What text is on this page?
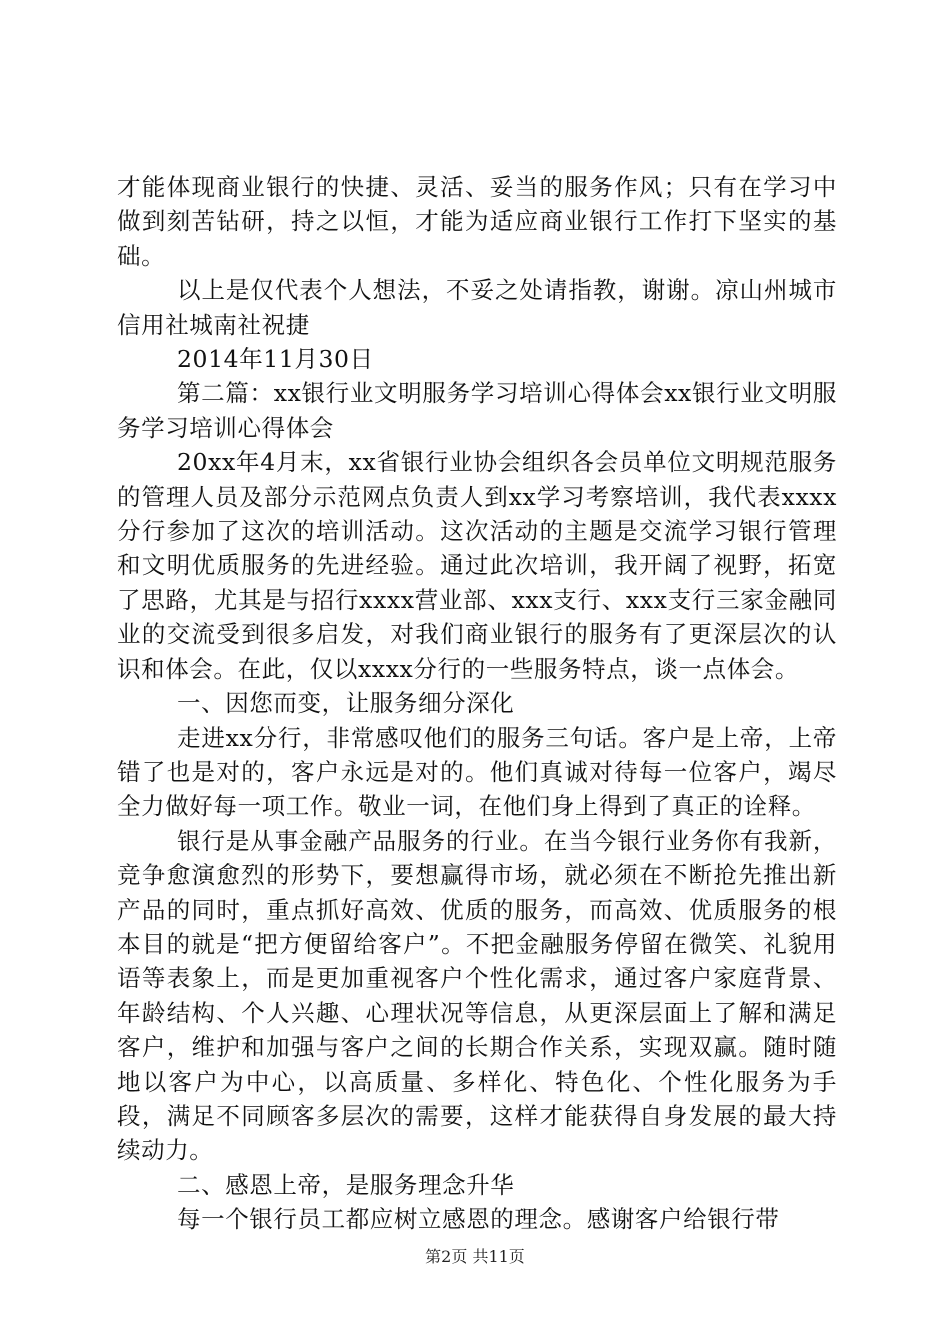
才能体现商业银行的快捷、灵活、妥当的服务作风；只有在学习中做到刻苦钻研，持之以恒，才能为适应商业银行工作打下坚实的基础。

以上是仅代表个人想法，不妥之处请指教，谢谢。凉山州城市信用社城南社祝捷

2014年11月30日

第二篇：xx银行业文明服务学习培训心得体会xx银行业文明服务学习培训心得体会

20xx年4月末，xx省银行业协会组织各会员单位文明规范服务的管理人员及部分示范网点负责人到xx学习考察培训，我代表xxxx分行参加了这次的培训活动。这次活动的主题是交流学习银行管理和文明优质服务的先进经验。通过此次培训，我开阔了视野，拓宽了思路，尤其是与招行xxxx营业部、xxx支行、xxx支行三家金融同业的交流受到很多启发，对我们商业银行的服务有了更深层次的认识和体会。在此，仅以xxxx分行的一些服务特点，谈一点体会。

一、因您而变，让服务细分深化

走进xx分行，非常感叹他们的服务三句话。客户是上帝，上帝错了也是对的，客户永远是对的。他们真诚对待每一位客户，竭尽全力做好每一项工作。敬业一词，在他们身上得到了真正的诠释。

银行是从事金融产品服务的行业。在当今银行业务你有我新，竞争愈演愈烈的形势下，要想赢得市场，就必须在不断抢先推出新产品的同时，重点抓好高效、优质的服务，而高效、优质服务的根本目的就是“把方便留给客户”。不把金融服务停留在微笑、礼貌用语等表象上，而是更加重视客户个性化需求，通过客户家庭背景、年龄结构、个人兴趣、心理状况等信息，从更深层面上了解和满足客户，维护和加强与客户之间的长期合作关系，实现双赢。随时随地以客户为中心，以高质量、多样化、特色化、个性化服务为手段，满足不同顾客多层次的需要，这样才能获得自身发展的最大持续动力。

二、感恩上帝，是服务理念升华

每一个银行员工都应树立感恩的理念。感谢客户给银行带

第2页 共11页
